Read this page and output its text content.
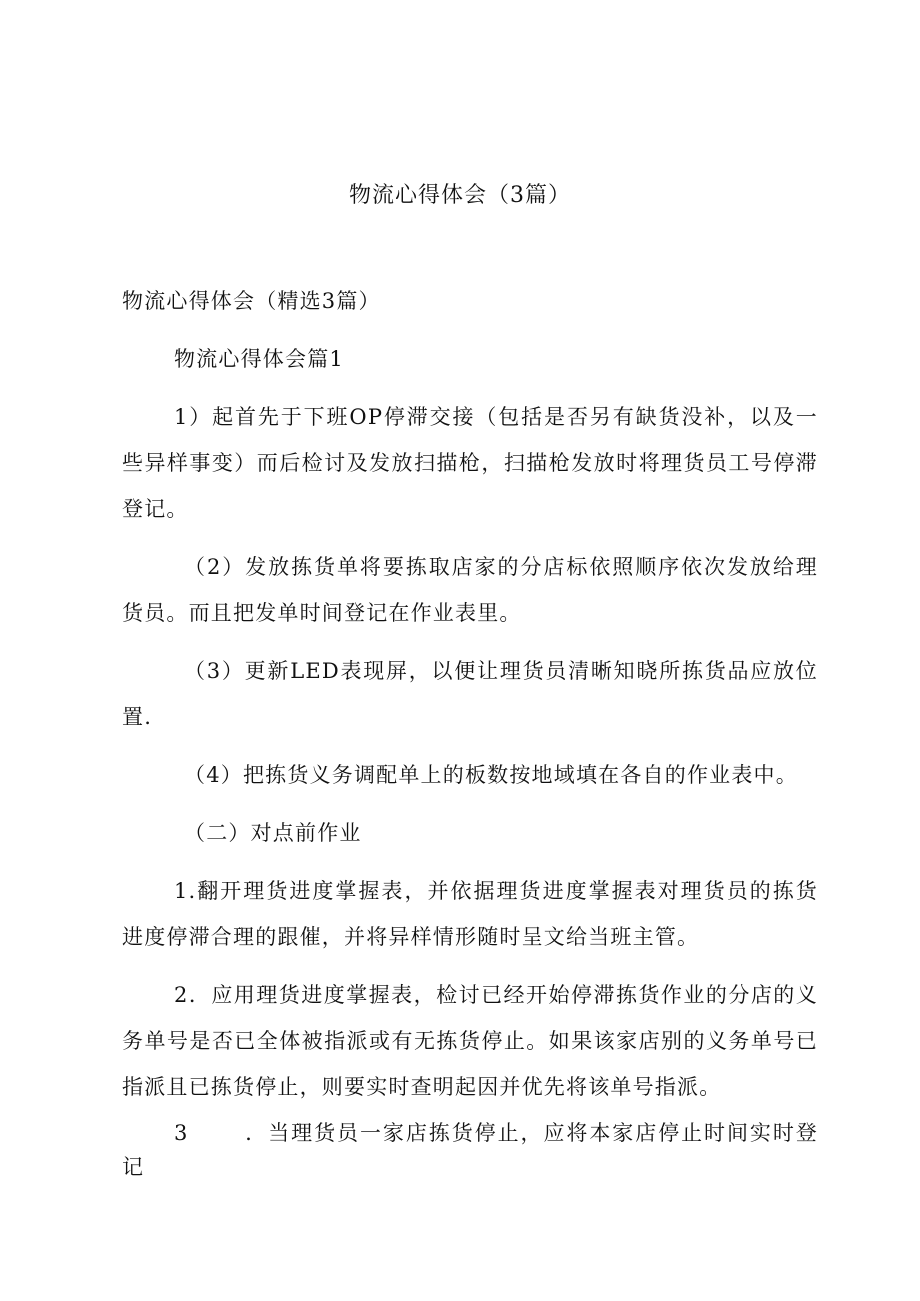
物流心得体会（3篇）

物流心得体会（精选3篇）

物流心得体会篇1

1）起首先于下班OP停滞交接（包括是否另有缺货没补，以及一些异样事变）而后检讨及发放扫描枪，扫描枪发放时将理货员工号停滞登记。

（2）发放拣货单将要拣取店家的分店标依照顺序依次发放给理货员。而且把发单时间登记在作业表里。

（3）更新LED表现屏，以便让理货员清晰知晓所拣货品应放位置.

（4）把拣货义务调配单上的板数按地域填在各自的作业表中。

（二）对点前作业

1.翻开理货进度掌握表，并依据理货进度掌握表对理货员的拣货进度停滞合理的跟催，并将异样情形随时呈文给当班主管。

2．应用理货进度掌握表，检讨已经开始停滞拣货作业的分店的义务单号是否已全体被指派或有无拣货停止。如果该家店别的义务单号已指派且已拣货停止，则要实时查明起因并优先将该单号指派。

3	．当理货员一家店拣货停止，应将本家店停止时间实时登记
